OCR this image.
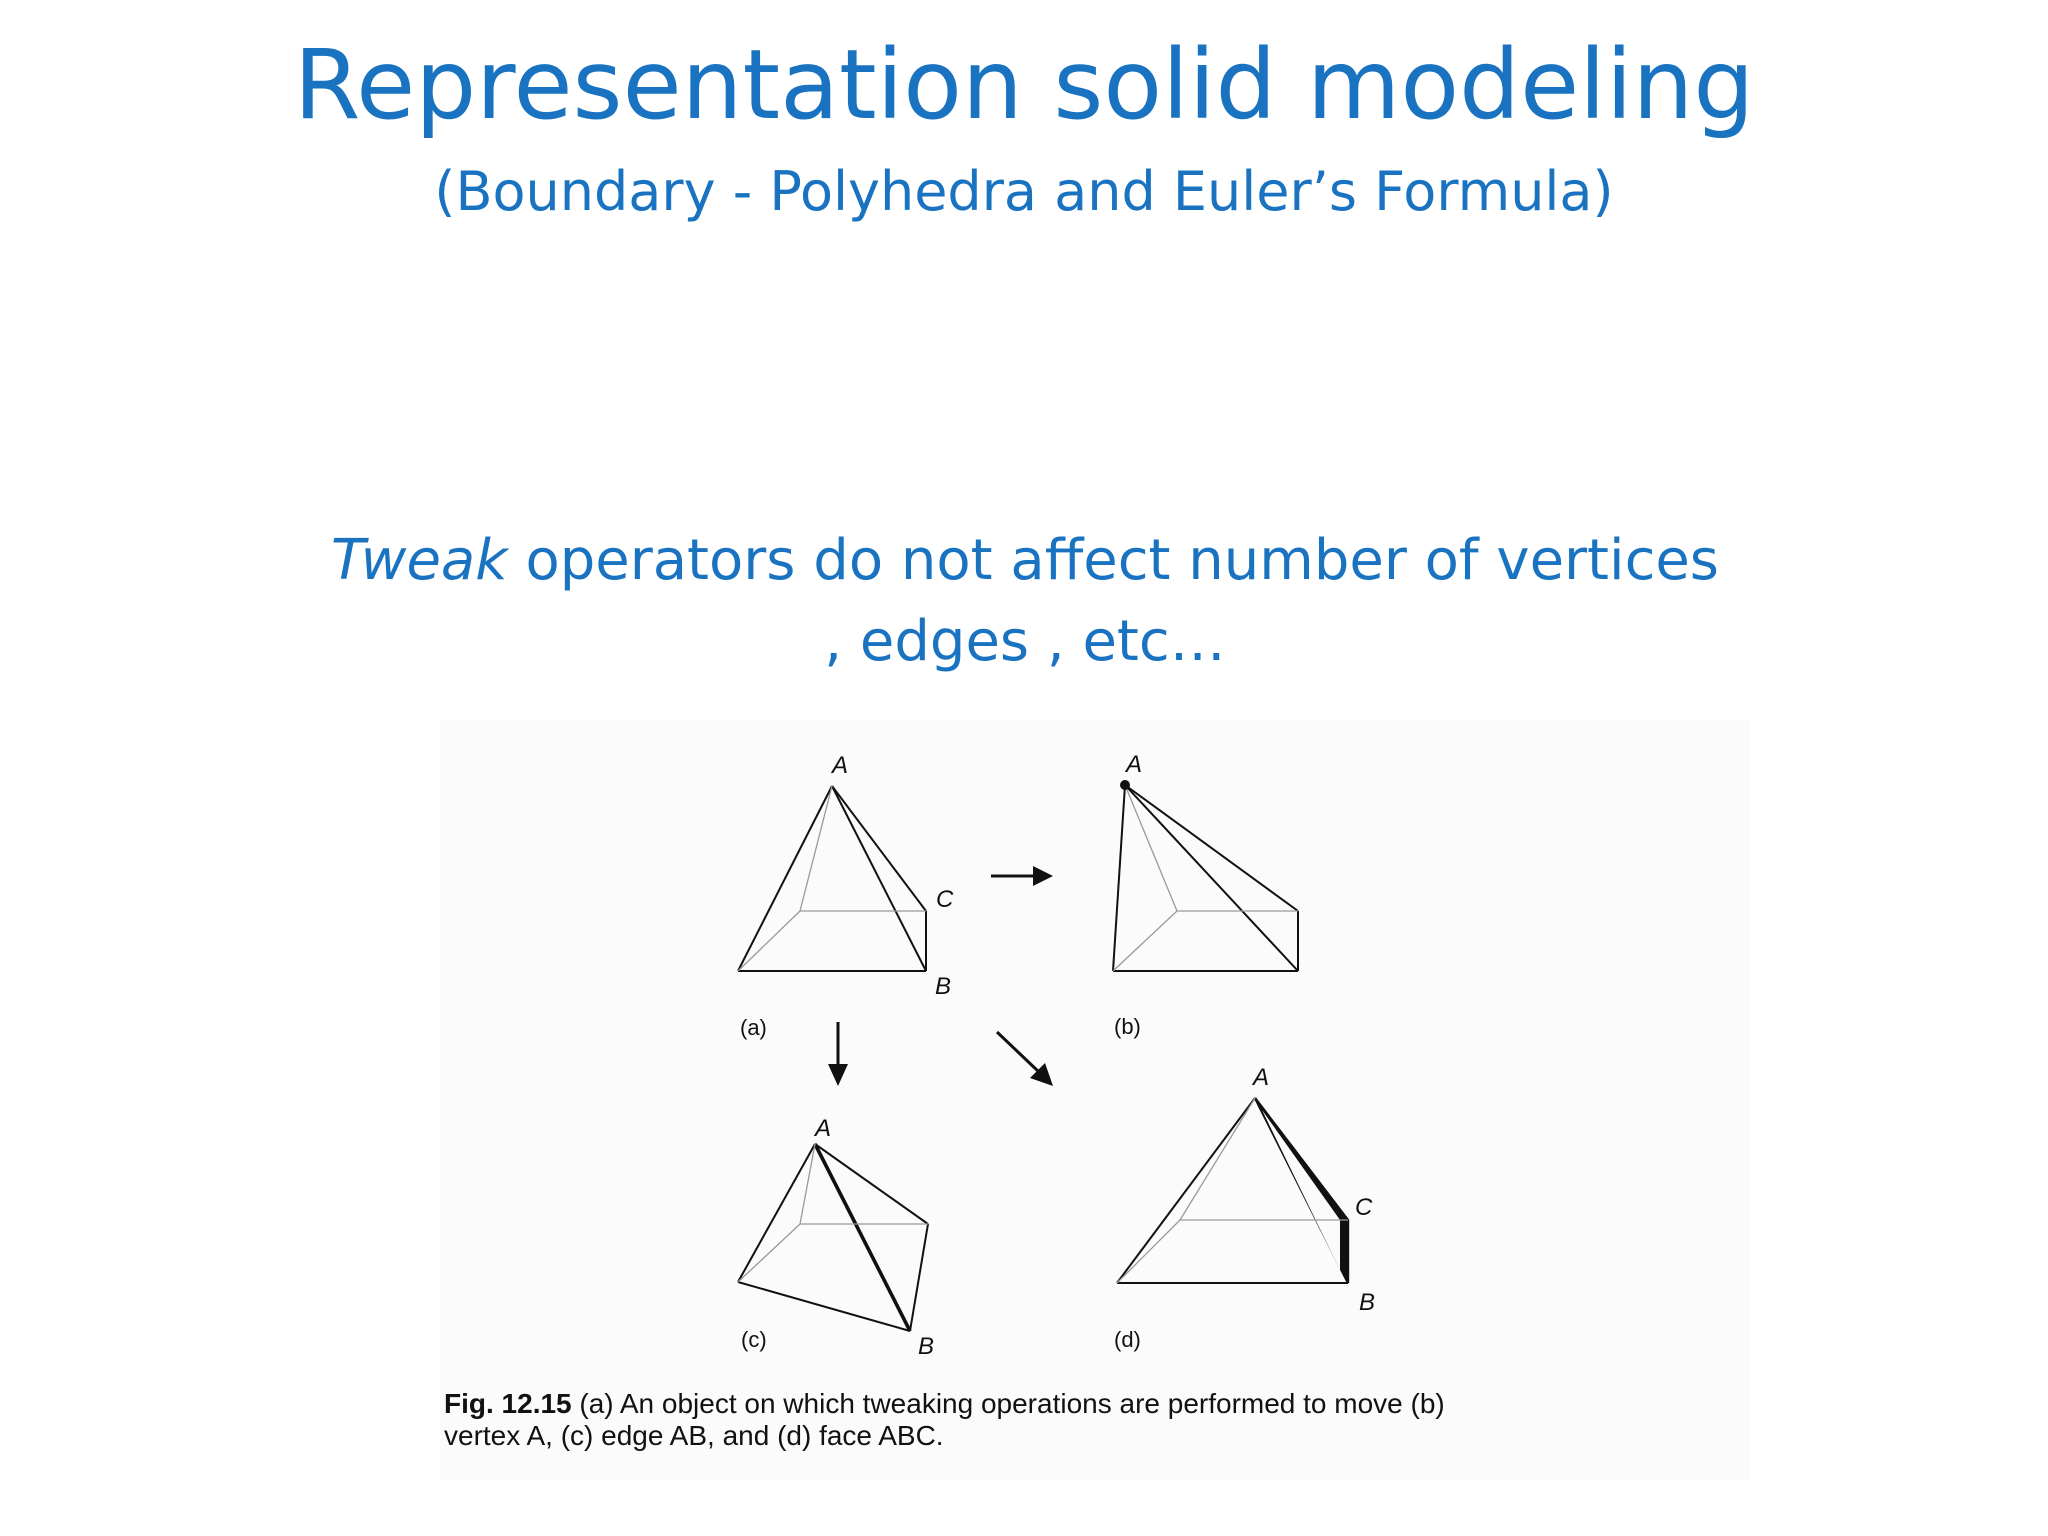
Representation solid modeling
(Boundary - Polyhedra and Euler’s Formula)
Tweak operators do not affect number of vertices
, edges , etc…
A
C
B
A
A
B
A
C
B
(a)	(b)
(c)	(d)
Fig. 12.15 (a) An object on which tweaking operations are performed to move (b)
vertex A, (c) edge AB, and (d) face ABC.
